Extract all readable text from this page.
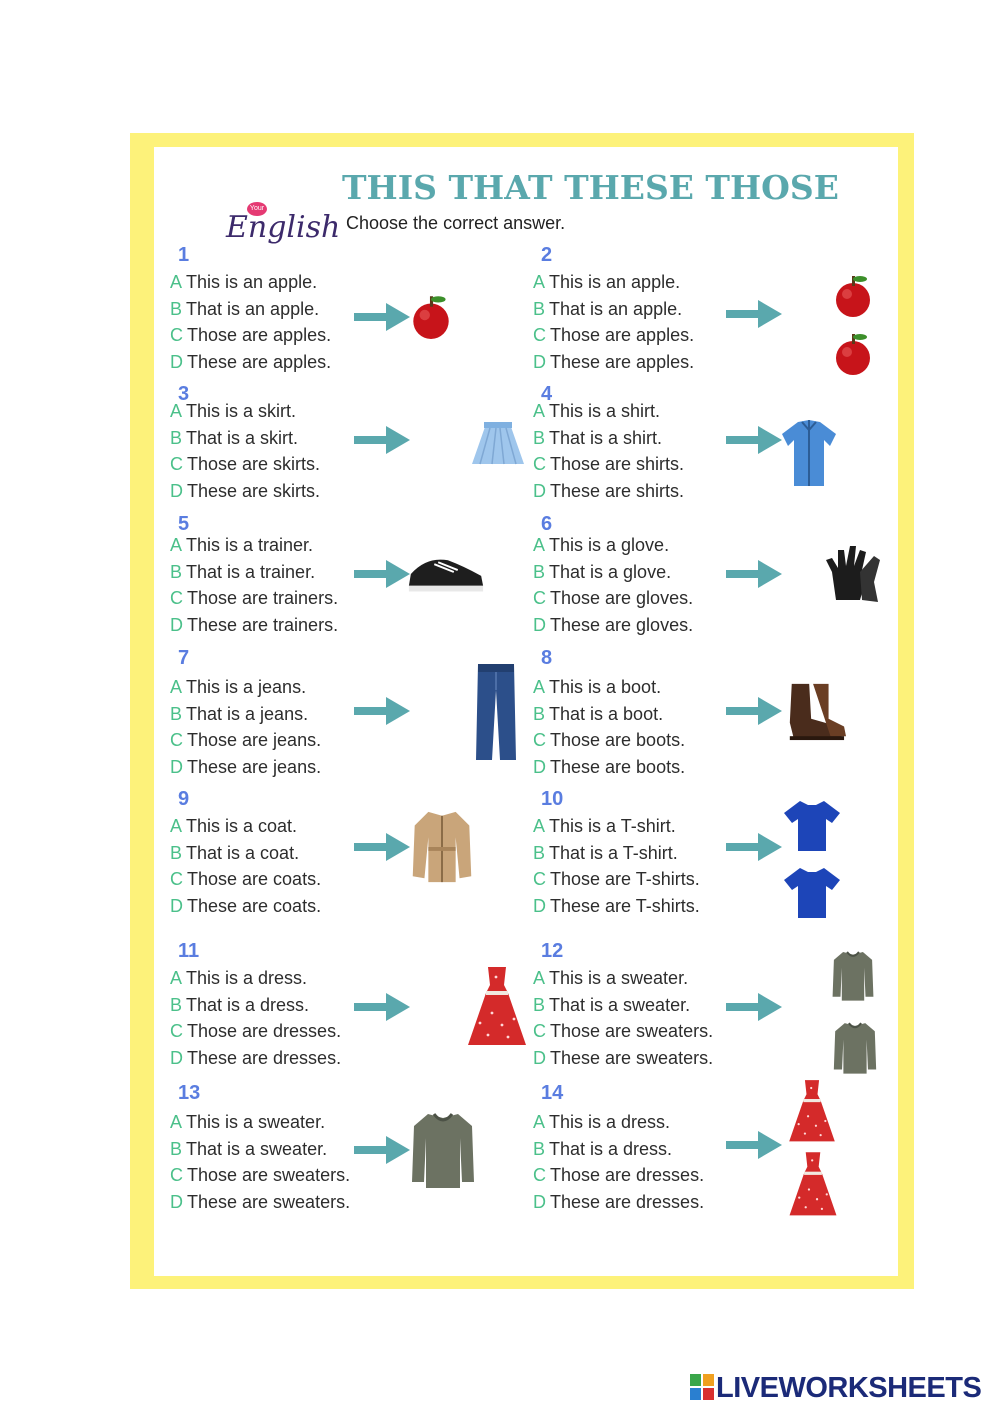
Your
English
THIS THAT THESE THOSE
Choose the correct answer.
1
A This is an apple.
B That is an apple.
C Those are apples.
D These are apples.
2
A This is an apple.
B That is an apple.
C Those are apples.
D These are apples.
3
A This is a skirt.
B That is a skirt.
C Those are skirts.
D These are skirts.
4
A This is a shirt.
B That is a shirt.
C Those are shirts.
D These are shirts.
5
A This is a trainer.
B That is a trainer.
C Those are trainers.
D These are trainers.
6
A This is a glove.
B That is a glove.
C Those are gloves.
D These are gloves.
7
A This is a jeans.
B That is a jeans.
C Those are jeans.
D These are jeans.
8
A This is a boot.
B That is a boot.
C Those are boots.
D These are boots.
9
A This is a coat.
B That is a coat.
C Those are coats.
D These are coats.
10
A This is a T-shirt.
B That is a T-shirt.
C Those are T-shirts.
D These are T-shirts.
11
A This is a dress.
B That is a dress.
C Those are dresses.
D These are dresses.
12
A This is a sweater.
B That is a sweater.
C Those are sweaters.
D These are sweaters.
13
A This is a sweater.
B That is a sweater.
C Those are sweaters.
D These are sweaters.
14
A This is a dress.
B That is a dress.
C Those are dresses.
D These are dresses.
LIVEWORKSHEETS
